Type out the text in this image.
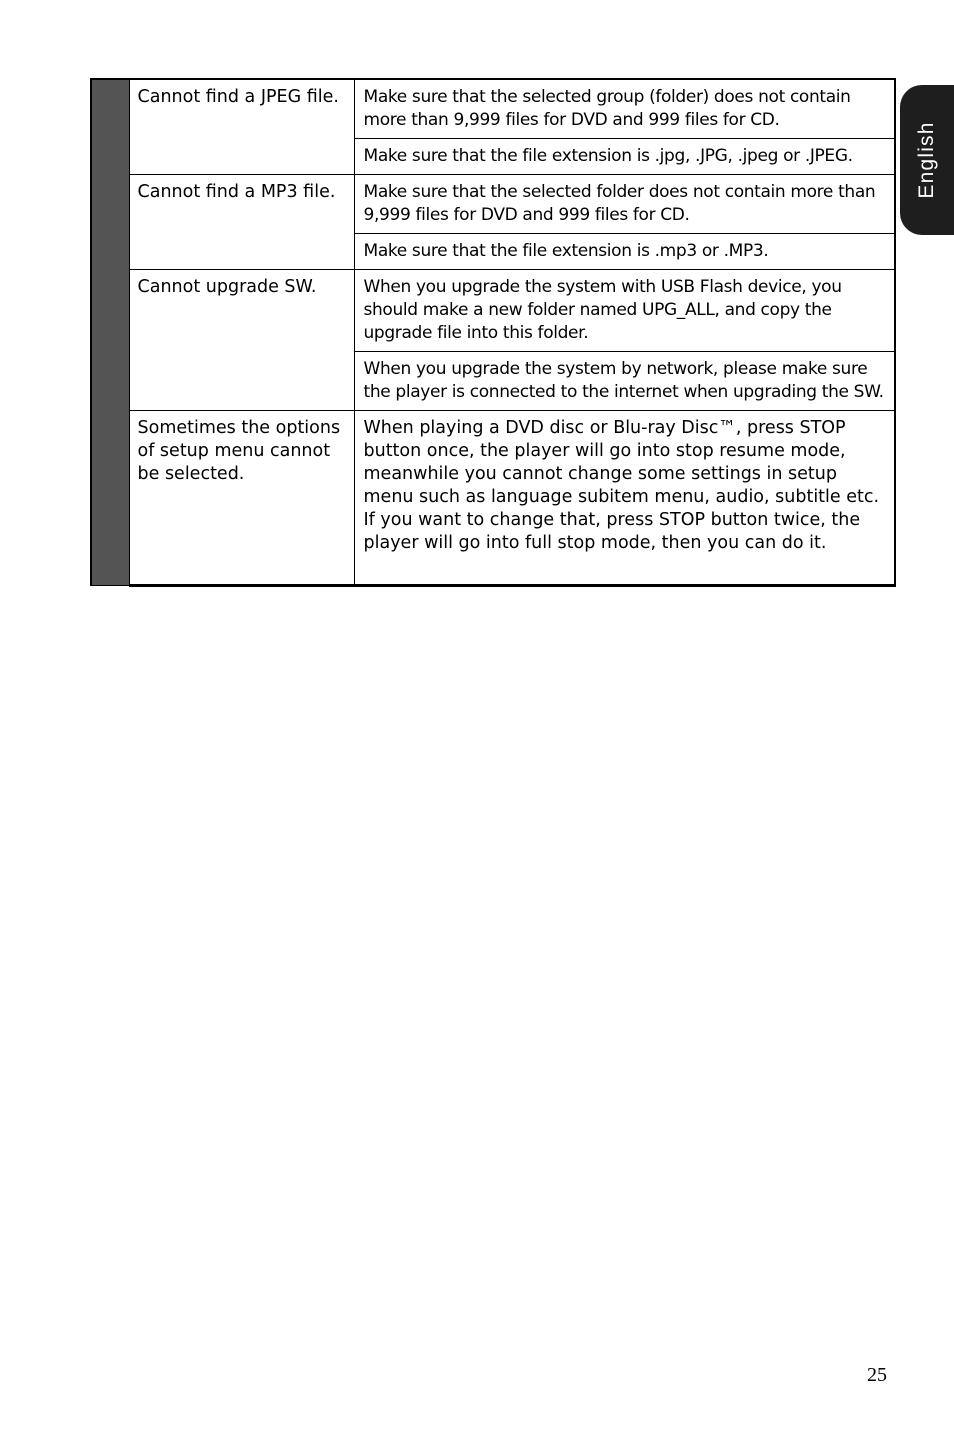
English
	Cannot find a JPEG file.	Make sure that the selected group (folder) does not contain more than 9,999 files for DVD and 999 files for CD.
		Make sure that the file extension is .jpg, .JPG, .jpeg or .JPEG.
	Cannot find a MP3 file.	Make sure that the selected folder does not contain more than 9,999 files for DVD and 999 files for CD.
		Make sure that the file extension is .mp3 or .MP3.
	Cannot upgrade SW.	When you upgrade the system with USB Flash device, you should make a new folder named UPG_ALL, and copy the upgrade file into this folder.
		When you upgrade the system by network, please make sure the player is connected to the internet when upgrading the SW.
	Sometimes the options of setup menu cannot be selected.	When playing a DVD disc or Blu-ray Disc™, press STOP button once, the player will go into stop resume mode, meanwhile you cannot change some settings in setup menu such as language subitem menu, audio, subtitle etc.
If you want to change that, press STOP button twice, the player will go into full stop mode, then you can do it.
25
